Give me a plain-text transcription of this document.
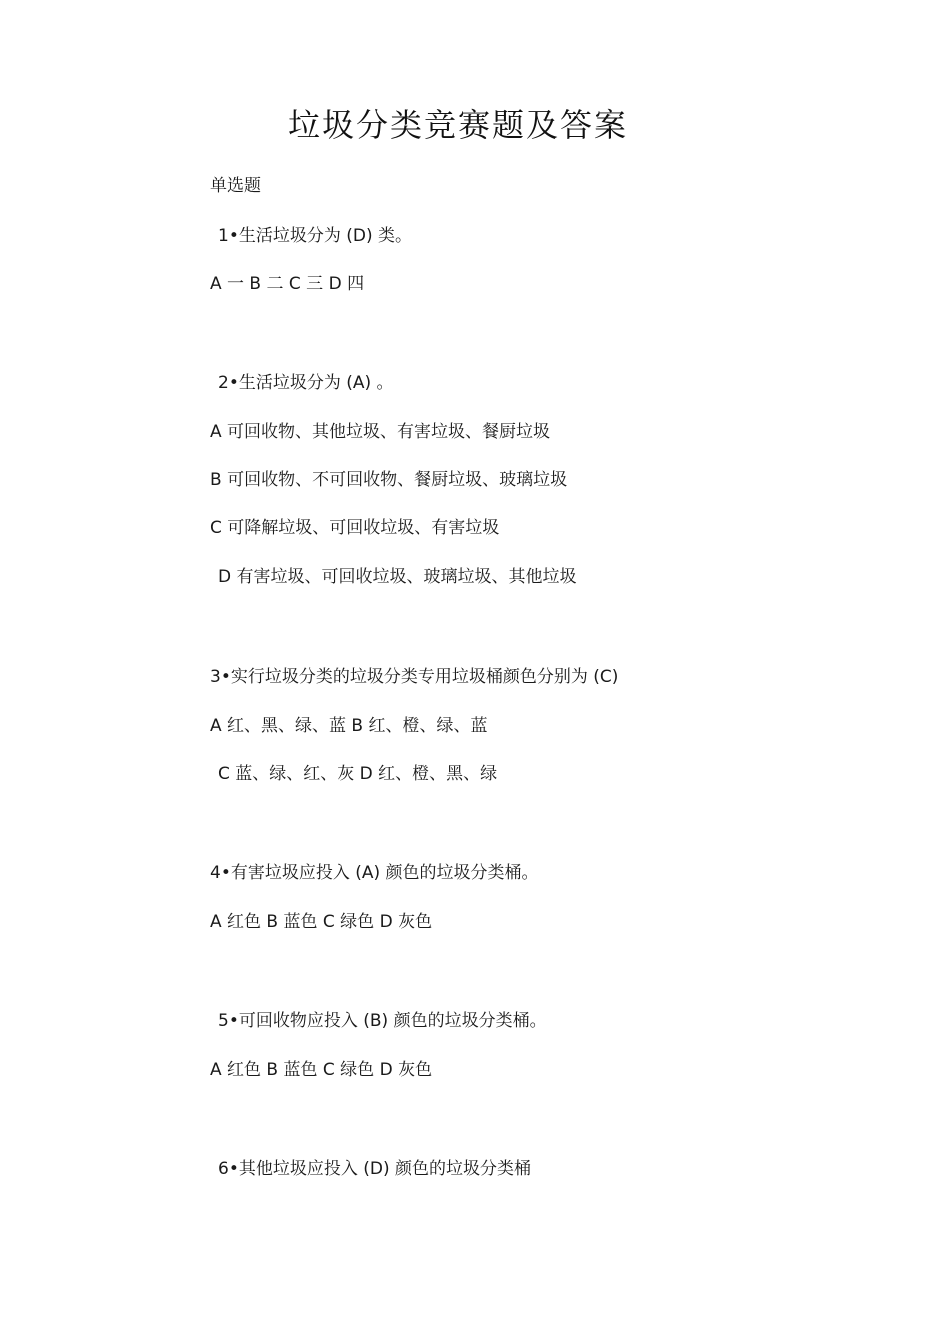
垃圾分类竞赛题及答案
单选题
1•生活垃圾分为 (D) 类。
A 一 B 二 C 三 D 四
2•生活垃圾分为 (A) 。
A 可回收物、其他垃圾、有害垃圾、餐厨垃圾
B 可回收物、不可回收物、餐厨垃圾、玻璃垃圾
C 可降解垃圾、可回收垃圾、有害垃圾
D 有害垃圾、可回收垃圾、玻璃垃圾、其他垃圾
3•实行垃圾分类的垃圾分类专用垃圾桶颜色分别为 (C)
A 红、黑、绿、蓝 B 红、橙、绿、蓝
C 蓝、绿、红、灰 D 红、橙、黑、绿
4•有害垃圾应投入 (A) 颜色的垃圾分类桶。
A 红色 B 蓝色 C 绿色 D 灰色
5•可回收物应投入 (B) 颜色的垃圾分类桶。
A 红色 B 蓝色 C 绿色 D 灰色
6•其他垃圾应投入 (D) 颜色的垃圾分类桶
